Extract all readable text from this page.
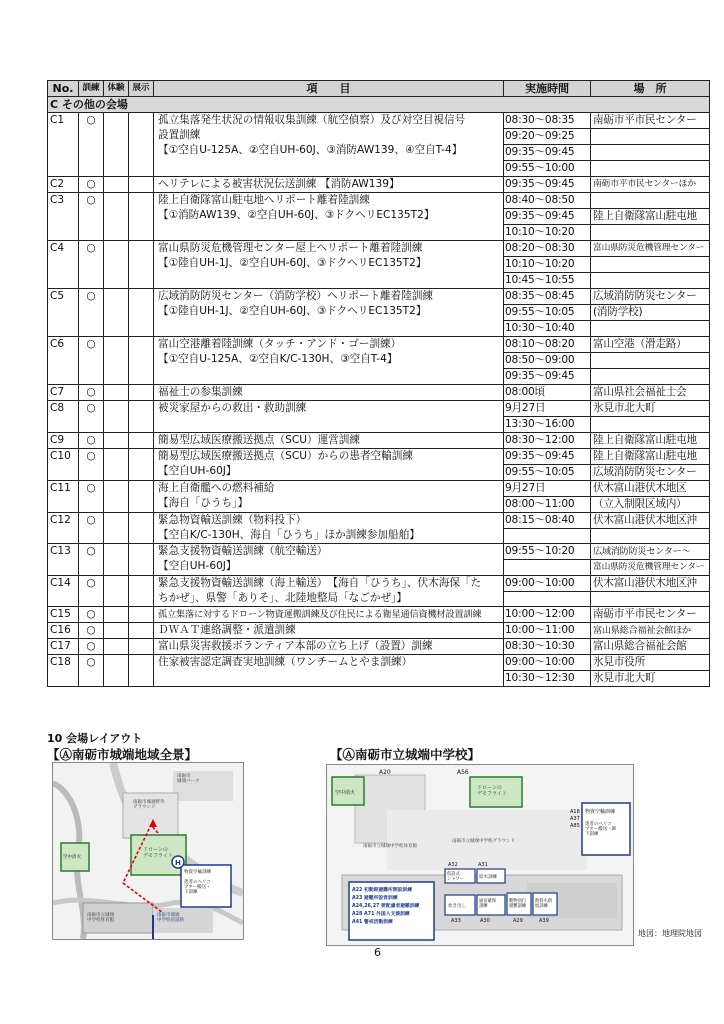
No.	訓練	体験	展示	項　　目	実施時間	場　所
C その他の会場						
C1	○			孤立集落発生状況の情報収集訓練（航空偵察）及び対空目視信号
設置訓練
【①空自U-125A、②空自UH-60J、③消防AW139、④空自T-4】	08:30～08:35	南砺市平市民センター
					09:20～09:25	
					09:35～09:45	
					09:55～10:00	
C2	○			ヘリテレによる被害状況伝送訓練 【消防AW139】	09:35～09:45	南砺市平市民センターほか
C3	○			陸上自衛隊富山駐屯地ヘリポート離着陸訓練
【①消防AW139、②空自UH-60J、③ドクヘリEC135T2】	08:40～08:50	
					09:35～09:45	陸上自衛隊富山駐屯地
					10:10～10:20	
C4	○			富山県防災危機管理センター屋上ヘリポート離着陸訓練
【①陸自UH-1J、②空自UH-60J、③ドクヘリEC135T2】	08:20～08:30	富山県防災危機管理センター
					10:10～10:20	
					10:45～10:55	
C5	○			広域消防防災センター（消防学校）ヘリポート離着陸訓練
【①陸自UH-1J、②空自UH-60J、③ドクヘリEC135T2】	08:35～08:45	広域消防防災センター
					09:55～10:05	(消防学校)
					10:30～10:40	
C6	○			富山空港離着陸訓練（タッチ・アンド・ゴー訓練）
【①空自U-125A、②空自K/C-130H、③空自T-4】	08:10～08:20	富山空港（滑走路）
					08:50～09:00	
					09:35～09:45	
C7	○			福祉士の参集訓練	08:00頃	富山県社会福祉士会
C8	○			被災家屋からの救出・救助訓練	9月27日	氷見市北大町
					13:30～16:00	
C9	○			簡易型広域医療搬送拠点（SCU）運営訓練	08:30～12:00	陸上自衛隊富山駐屯地
C10	○			簡易型広域医療搬送拠点（SCU）からの患者空輸訓練
【空自UH-60J】	09:35～09:45	陸上自衛隊富山駐屯地
					09:55～10:05	広域消防防災センター
C11	○			海上自衛艦への燃料補給
【海自「ひうち」】	9月27日	伏木富山港伏木地区
					08:00～11:00	（立入制限区域内）
C12	○			緊急物資輸送訓練（物料投下）
【空自K/C-130H、海自「ひうち」ほか訓練参加船舶】	08:15～08:40	伏木富山港伏木地区沖

C13	○			緊急支援物資輸送訓練（航空輸送）
【空自UH-60J】	09:55～10:20	広域消防防災センター～
						富山県防災危機管理センター
C14	○			緊急支援物資輸送訓練（海上輸送）　【海自「ひうち」、伏木海保「た
ちかぜ」、県警「ありそ」、北陸地整局「なごかぜ」】	09:00～10:00	伏木富山港伏木地区沖

C15	○			孤立集落に対するドローン物資運搬訓練及び住民による衛星通信資機材設置訓練	10:00～12:00	南砺市平市民センター
C16	○			ＤＷＡＴ連絡調整・派遣訓練	10:00～11:00	富山県総合福祉会館ほか
C17	○			富山県災害救援ボランティア本部の立ち上げ（設置）訓練	08:30～10:30	富山県総合福祉会館
C18	○			住家被害認定調査実地訓練（ワンチームとやま訓練）	09:00～10:00	氷見市役所
					10:30～12:30	氷見市北大町
10 会場レイアウト
【Ⓐ南砺市城端地域全景】	【Ⓐ南砺市立城端中学校】
H
南砺市城端パーク
南砺市城端野外グラウンド
ドローンのデモフライト
物資空輸訓練
患者のヘリコプター搬送・下訓練
空中消火
南砺市立城端中学校体育館
南砺市城端中学校前道路
A20	A56
空中消火
ドローンのデモフライト
A18
A37
A85
物資空輸訓練
患者のヘリコプター搬送・卸下訓練
南砺市立城端中学校グラウンド
南砺市立城端中学校体育館
A32	A31
仮設式シャワー	給水訓練
A22 初動期避難所開設訓練 A23 避難所設営訓練 A24,26,27 要配慮者避難訓練 A28 A71 外国人支援訓練 A41 警戒活動訓練
炊き出し
通信確保訓練
A33	A30
動物同行避難訓練
A29
飲料水供給訓練
A39
地図：地理院地図
6
